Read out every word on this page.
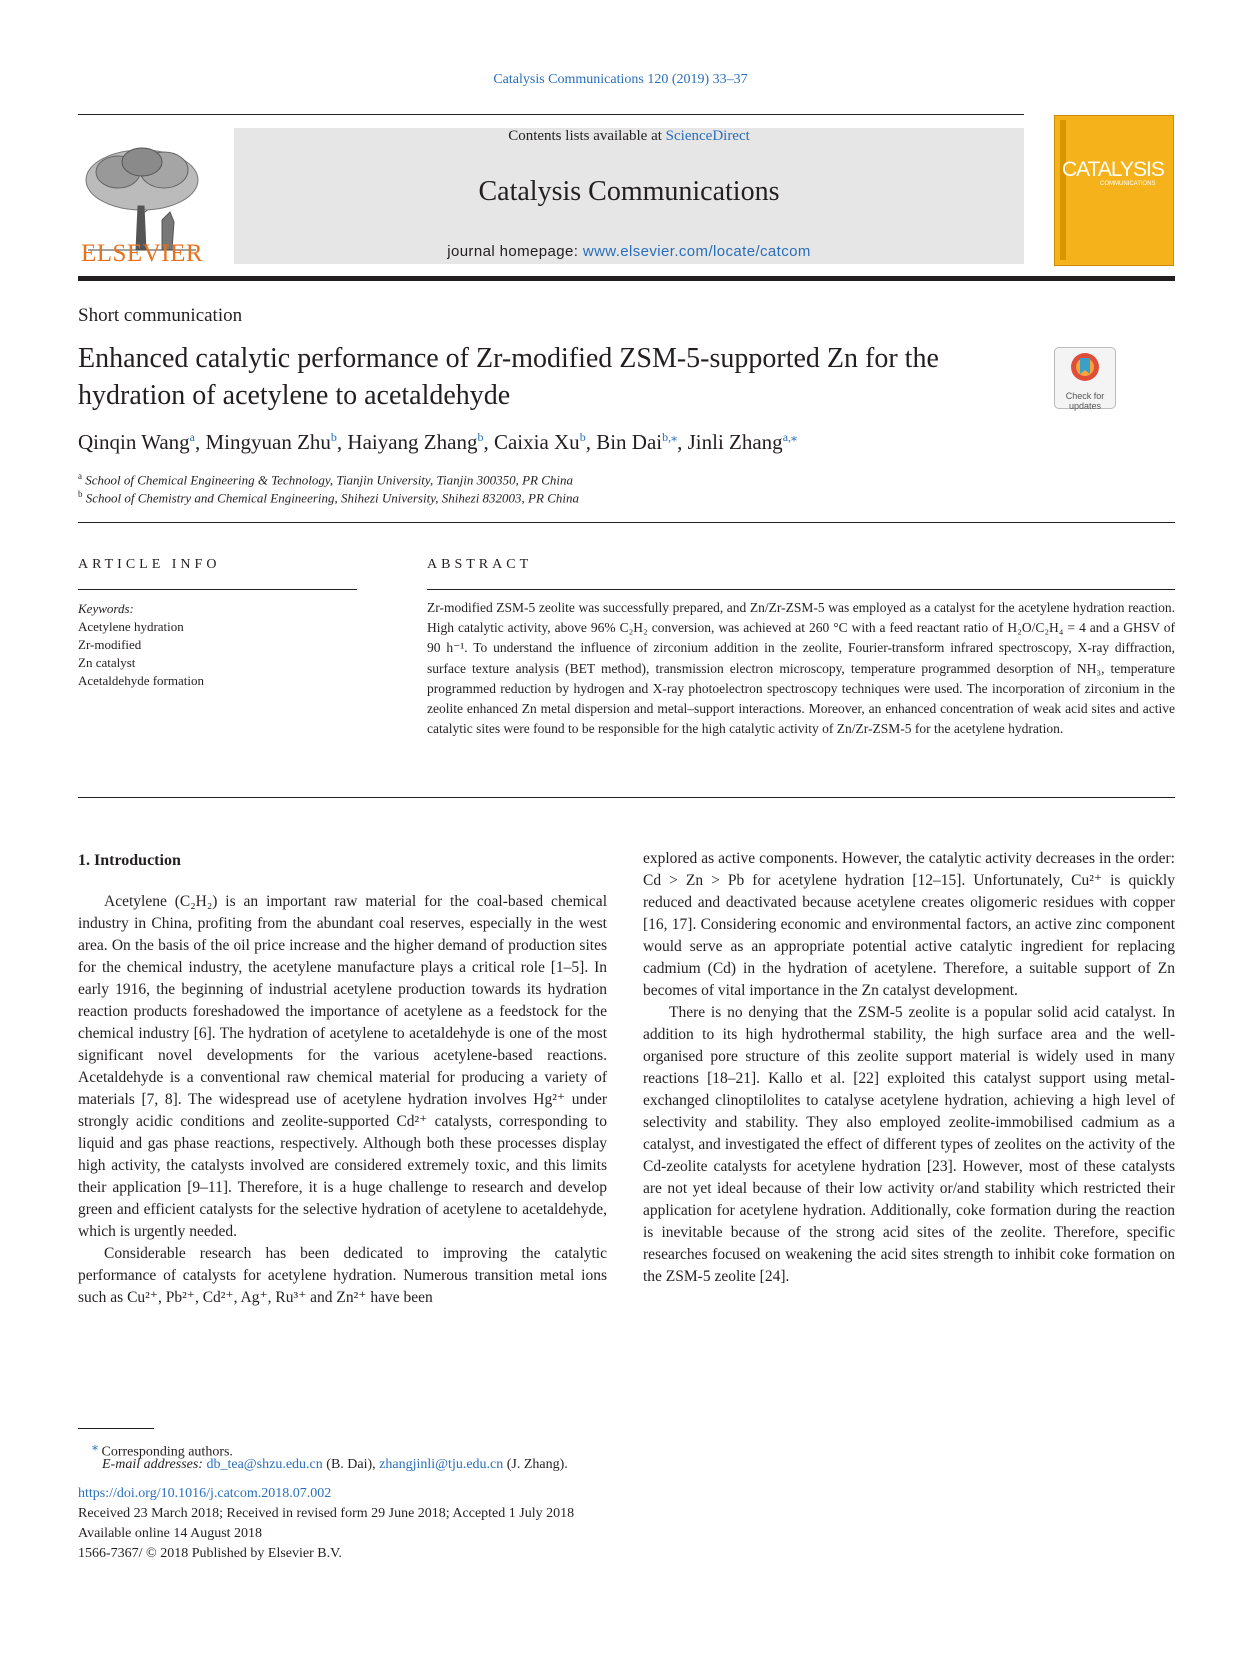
Catalysis Communications 120 (2019) 33–37
ELSEVIER
Contents lists available at ScienceDirect
Catalysis Communications
journal homepage: www.elsevier.com/locate/catcom
CATALYSIS
COMMUNICATIONS
Short communication
Enhanced catalytic performance of Zr-modified ZSM-5-supported Zn for the hydration of acetylene to acetaldehyde	Check for updates
Qinqin Wang$^a$, Mingyuan Zhu$^b$, Haiyang Zhang$^b$, Caixia Xu$^b$, Bin Dai$^{b,⁎}$, Jinli Zhang$^{a,⁎}$
$^a$ School of Chemical Engineering & Technology, Tianjin University, Tianjin 300350, PR China
$^b$ School of Chemistry and Chemical Engineering, Shihezi University, Shihezi 832003, PR China
ARTICLE INFO
Keywords:
Acetylene hydration
Zr-modified
Zn catalyst
Acetaldehyde formation
ABSTRACT
Zr-modified ZSM-5 zeolite was successfully prepared, and Zn/Zr-ZSM-5 was employed as a catalyst for the acetylene hydration reaction. High catalytic activity, above 96% C₂H₂ conversion, was achieved at 260 °C with a feed reactant ratio of H₂O/C₂H₄ = 4 and a GHSV of 90 h⁻¹. To understand the influence of zirconium addition in the zeolite, Fourier-transform infrared spectroscopy, X-ray diffraction, surface texture analysis (BET method), transmission electron microscopy, temperature programmed desorption of NH₃, temperature programmed reduction by hydrogen and X-ray photoelectron spectroscopy techniques were used. The incorporation of zirconium in the zeolite enhanced Zn metal dispersion and metal–support interactions. Moreover, an enhanced concentration of weak acid sites and active catalytic sites were found to be responsible for the high catalytic activity of Zn/Zr-ZSM-5 for the acetylene hydration.
1. Introduction

Acetylene (C₂H₂) is an important raw material for the coal-based chemical industry in China, profiting from the abundant coal reserves, especially in the west area. On the basis of the oil price increase and the higher demand of production sites for the chemical industry, the acetylene manufacture plays a critical role [1–5]. In early 1916, the beginning of industrial acetylene production towards its hydration reaction products foreshadowed the importance of acetylene as a feedstock for the chemical industry [6]. The hydration of acetylene to acetaldehyde is one of the most significant novel developments for the various acetylene-based reactions. Acetaldehyde is a conventional raw chemical material for producing a variety of materials [7, 8]. The widespread use of acetylene hydration involves Hg²⁺ under strongly acidic conditions and zeolite-supported Cd²⁺ catalysts, corresponding to liquid and gas phase reactions, respectively. Although both these processes display high activity, the catalysts involved are considered extremely toxic, and this limits their application [9–11]. Therefore, it is a huge challenge to research and develop green and efficient catalysts for the selective hydration of acetylene to acetaldehyde, which is urgently needed.

Considerable research has been dedicated to improving the catalytic performance of catalysts for acetylene hydration. Numerous transition metal ions such as Cu²⁺, Pb²⁺, Cd²⁺, Ag⁺, Ru³⁺ and Zn²⁺ have been

explored as active components. However, the catalytic activity decreases in the order: Cd > Zn > Pb for acetylene hydration [12–15]. Unfortunately, Cu²⁺ is quickly reduced and deactivated because acetylene creates oligomeric residues with copper [16, 17]. Considering economic and environmental factors, an active zinc component would serve as an appropriate potential active catalytic ingredient for replacing cadmium (Cd) in the hydration of acetylene. Therefore, a suitable support of Zn becomes of vital importance in the Zn catalyst development.

There is no denying that the ZSM-5 zeolite is a popular solid acid catalyst. In addition to its high hydrothermal stability, the high surface area and the well-organised pore structure of this zeolite support material is widely used in many reactions [18–21]. Kallo et al. [22] exploited this catalyst support using metal-exchanged clinoptilolites to catalyse acetylene hydration, achieving a high level of selectivity and stability. They also employed zeolite-immobilised cadmium as a catalyst, and investigated the effect of different types of zeolites on the activity of the Cd-zeolite catalysts for acetylene hydration [23]. However, most of these catalysts are not yet ideal because of their low activity or/and stability which restricted their application for acetylene hydration. Additionally, coke formation during the reaction is inevitable because of the strong acid sites of the zeolite. Therefore, specific researches focused on weakening the acid sites strength to inhibit coke formation on the ZSM-5 zeolite [24].

⁎ Corresponding authors.
E-mail addresses: db_tea@shzu.edu.cn (B. Dai), zhangjinli@tju.edu.cn (J. Zhang).
https://doi.org/10.1016/j.catcom.2018.07.002
Received 23 March 2018; Received in revised form 29 June 2018; Accepted 1 July 2018
Available online 14 August 2018
1566-7367/ © 2018 Published by Elsevier B.V.
